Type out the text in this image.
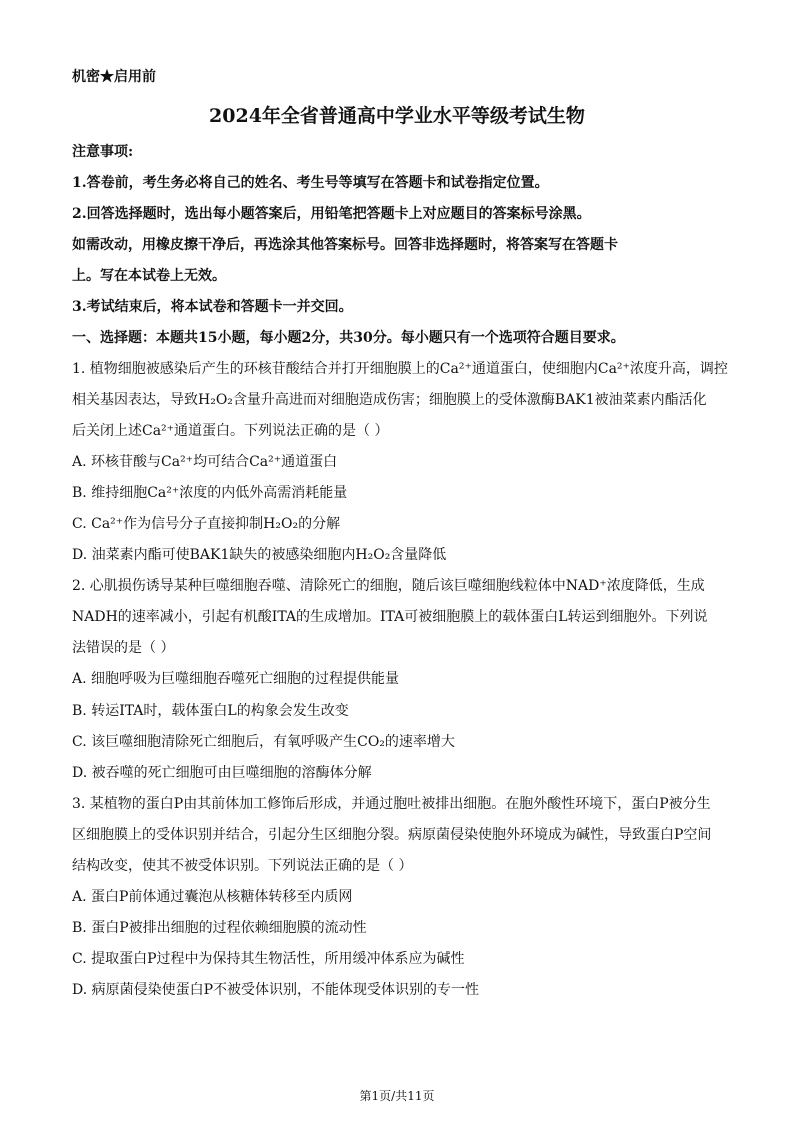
机密★启用前
2024年全省普通高中学业水平等级考试生物
注意事项:
1.答卷前，考生务必将自己的姓名、考生号等填写在答题卡和试卷指定位置。
2.回答选择题时，选出每小题答案后，用铅笔把答题卡上对应题目的答案标号涂黑。
如需改动，用橡皮擦干净后，再选涂其他答案标号。回答非选择题时，将答案写在答题卡
上。写在本试卷上无效。
3.考试结束后，将本试卷和答题卡一并交回。
一、选择题：本题共15小题，每小题2分，共30分。每小题只有一个选项符合题目要求。
1. 植物细胞被感染后产生的环核苷酸结合并打开细胞膜上的Ca²⁺通道蛋白，使细胞内Ca²⁺浓度升高，调控
相关基因表达，导致H₂O₂含量升高进而对细胞造成伤害；细胞膜上的受体激酶BAK1被油菜素内酯活化
后关闭上述Ca²⁺通道蛋白。下列说法正确的是（ ）
A. 环核苷酸与Ca²⁺均可结合Ca²⁺通道蛋白
B. 维持细胞Ca²⁺浓度的内低外高需消耗能量
C. Ca²⁺作为信号分子直接抑制H₂O₂的分解
D. 油菜素内酯可使BAK1缺失的被感染细胞内H₂O₂含量降低
2. 心肌损伤诱导某种巨噬细胞吞噬、清除死亡的细胞，随后该巨噬细胞线粒体中NAD⁺浓度降低，生成
NADH的速率减小，引起有机酸ITA的生成增加。ITA可被细胞膜上的载体蛋白L转运到细胞外。下列说
法错误的是（ ）
A. 细胞呼吸为巨噬细胞吞噬死亡细胞的过程提供能量
B. 转运ITA时，载体蛋白L的构象会发生改变
C. 该巨噬细胞清除死亡细胞后，有氧呼吸产生CO₂的速率增大
D. 被吞噬的死亡细胞可由巨噬细胞的溶酶体分解
3. 某植物的蛋白P由其前体加工修饰后形成，并通过胞吐被排出细胞。在胞外酸性环境下，蛋白P被分生
区细胞膜上的受体识别并结合，引起分生区细胞分裂。病原菌侵染使胞外环境成为碱性，导致蛋白P空间
结构改变，使其不被受体识别。下列说法正确的是（ ）
A. 蛋白P前体通过囊泡从核糖体转移至内质网
B. 蛋白P被排出细胞的过程依赖细胞膜的流动性
C. 提取蛋白P过程中为保持其生物活性，所用缓冲体系应为碱性
D. 病原菌侵染使蛋白P不被受体识别，不能体现受体识别的专一性
第1页/共11页
